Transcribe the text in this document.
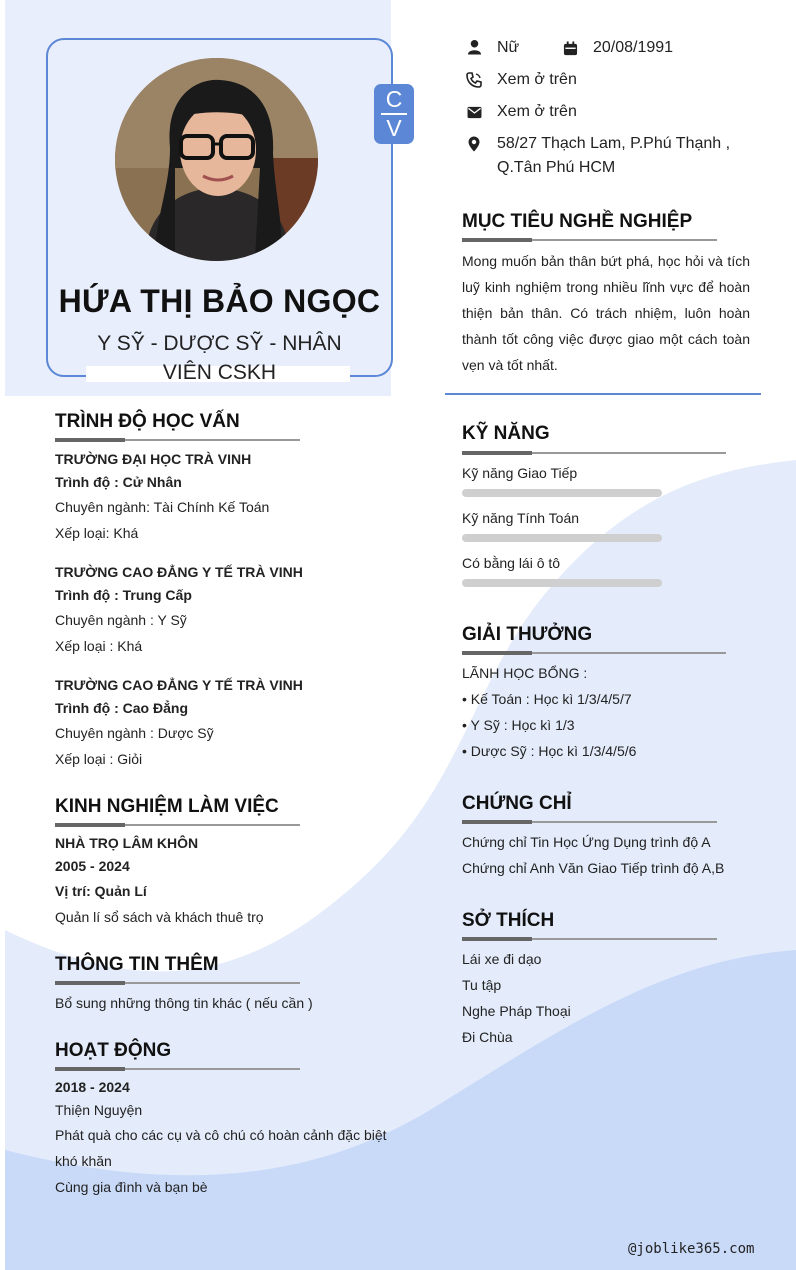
C
V
HỨA THỊ BẢO NGỌC
Y SỸ - DƯỢC SỸ - NHÂN VIÊN CSKH
Nữ	20/08/1991
Xem ở trên
Xem ở trên
58/27 Thạch Lam, P.Phú Thạnh , Q.Tân Phú HCM
MỤC TIÊU NGHỀ NGHIỆP
Mong muốn bản thân bứt phá, học hỏi và tích
luỹ kinh nghiệm trong nhiều lĩnh vực để hoàn
thiện bản thân. Có trách nhiệm, luôn hoàn
thành tốt công việc được giao một cách toàn
vẹn và tốt nhất.
KỸ NĂNG
Kỹ năng Giao Tiếp
Kỹ năng Tính Toán
Có bằng lái ô tô
GIẢI THƯỞNG
LÃNH HỌC BỔNG :
• Kế Toán : Học kì 1/3/4/5/7
• Y Sỹ : Học kì 1/3
• Dược Sỹ : Học kì 1/3/4/5/6
CHỨNG CHỈ
Chứng chỉ Tin Học Ứng Dụng trình độ A
Chứng chỉ Anh Văn Giao Tiếp trình độ A,B
SỞ THÍCH
Lái xe đi dạo
Tu tập
Nghe Pháp Thoại
Đi Chùa
TRÌNH ĐỘ HỌC VẤN
TRƯỜNG ĐẠI HỌC TRÀ VINH
Trình độ : Cử Nhân
Chuyên ngành: Tài Chính Kế Toán
Xếp loại: Khá
TRƯỜNG CAO ĐẲNG Y TẾ TRÀ VINH
Trình độ : Trung Cấp
Chuyên ngành : Y Sỹ
Xếp loại : Khá
TRƯỜNG CAO ĐẲNG Y TẾ TRÀ VINH
Trình độ : Cao Đẳng
Chuyên ngành : Dược Sỹ
Xếp loại : Giỏi
KINH NGHIỆM LÀM VIỆC
NHÀ TRỌ LÂM KHÔN
2005 - 2024
Vị trí: Quản Lí
Quản lí sổ sách và khách thuê trọ
THÔNG TIN THÊM
Bổ sung những thông tin khác ( nếu cần )
HOẠT ĐỘNG
2018 - 2024
Thiện Nguyện
Phát quà cho các cụ và cô chú có hoàn cảnh đặc biệt
khó khăn
Cùng gia đình và bạn bè
@joblike365.com
